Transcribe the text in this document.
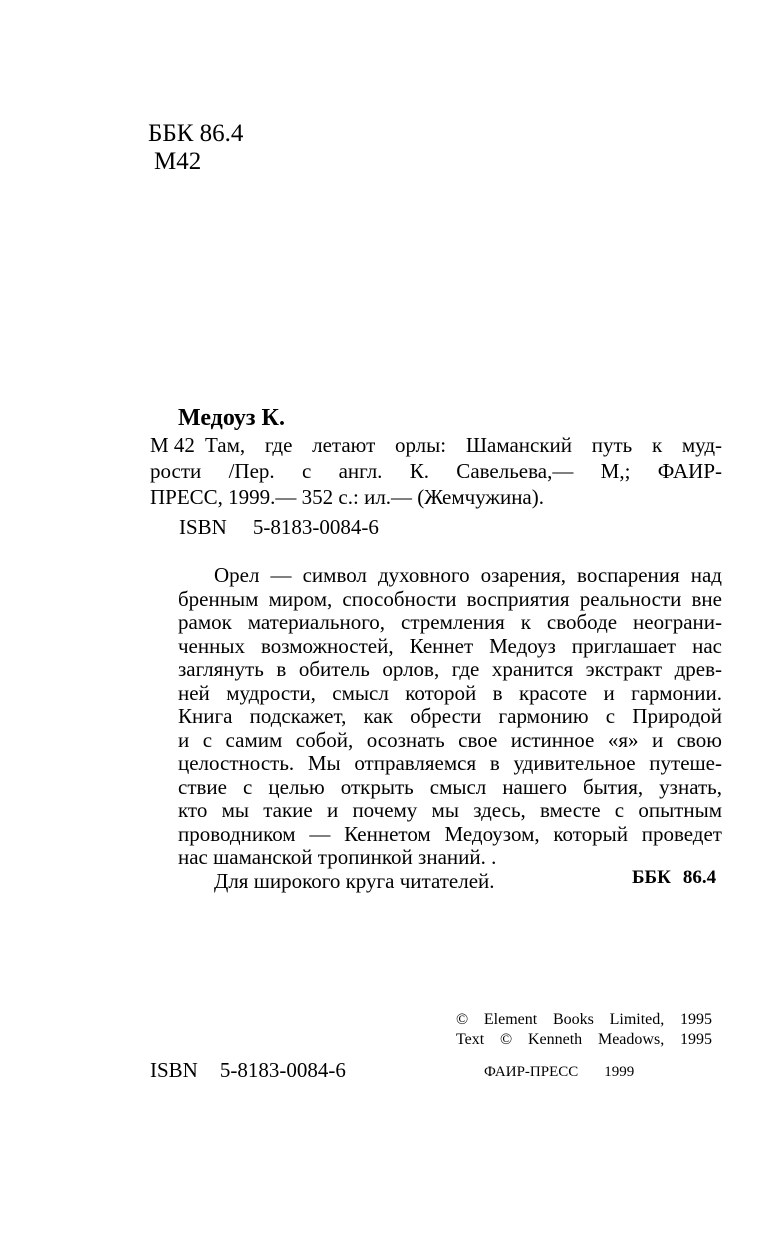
ББК 86.4
М42
Медоуз К.
М 42 Там, где летают орлы: Шаманский путь к муд-
рости /Пер. с англ. К. Савельева,— М,; ФАИР-
ПРЕСС, 1999.— 352 с.: ил.— (Жемчужина).
ISBN 5-8183-0084-6
Орел — символ духовного озарения, воспарения над
бренным миром, способности восприятия реальности вне
рамок материального, стремления к свободе неограни-
ченных возможностей, Кеннет Медоуз приглашает нас
заглянуть в обитель орлов, где хранится экстракт древ-
ней мудрости, смысл которой в красоте и гармонии.
Книга подскажет, как обрести гармонию с Природой
и с самим собой, осознать свое истинное «я» и свою
целостность. Мы отправляемся в удивительное путеше-
ствие с целью открыть смысл нашего бытия, узнать,
кто мы такие и почему мы здесь, вместе с опытным
проводником — Кеннетом Медоузом, который проведет
нас шаманской тропинкой знаний. .
Для широкого круга читателей.	ББК 86.4
© Element Books Limited, 1995
Text © Kenneth Meadows, 1995
ISBN 5-8183-0084-6	ФАИР-ПРЕСС 1999
